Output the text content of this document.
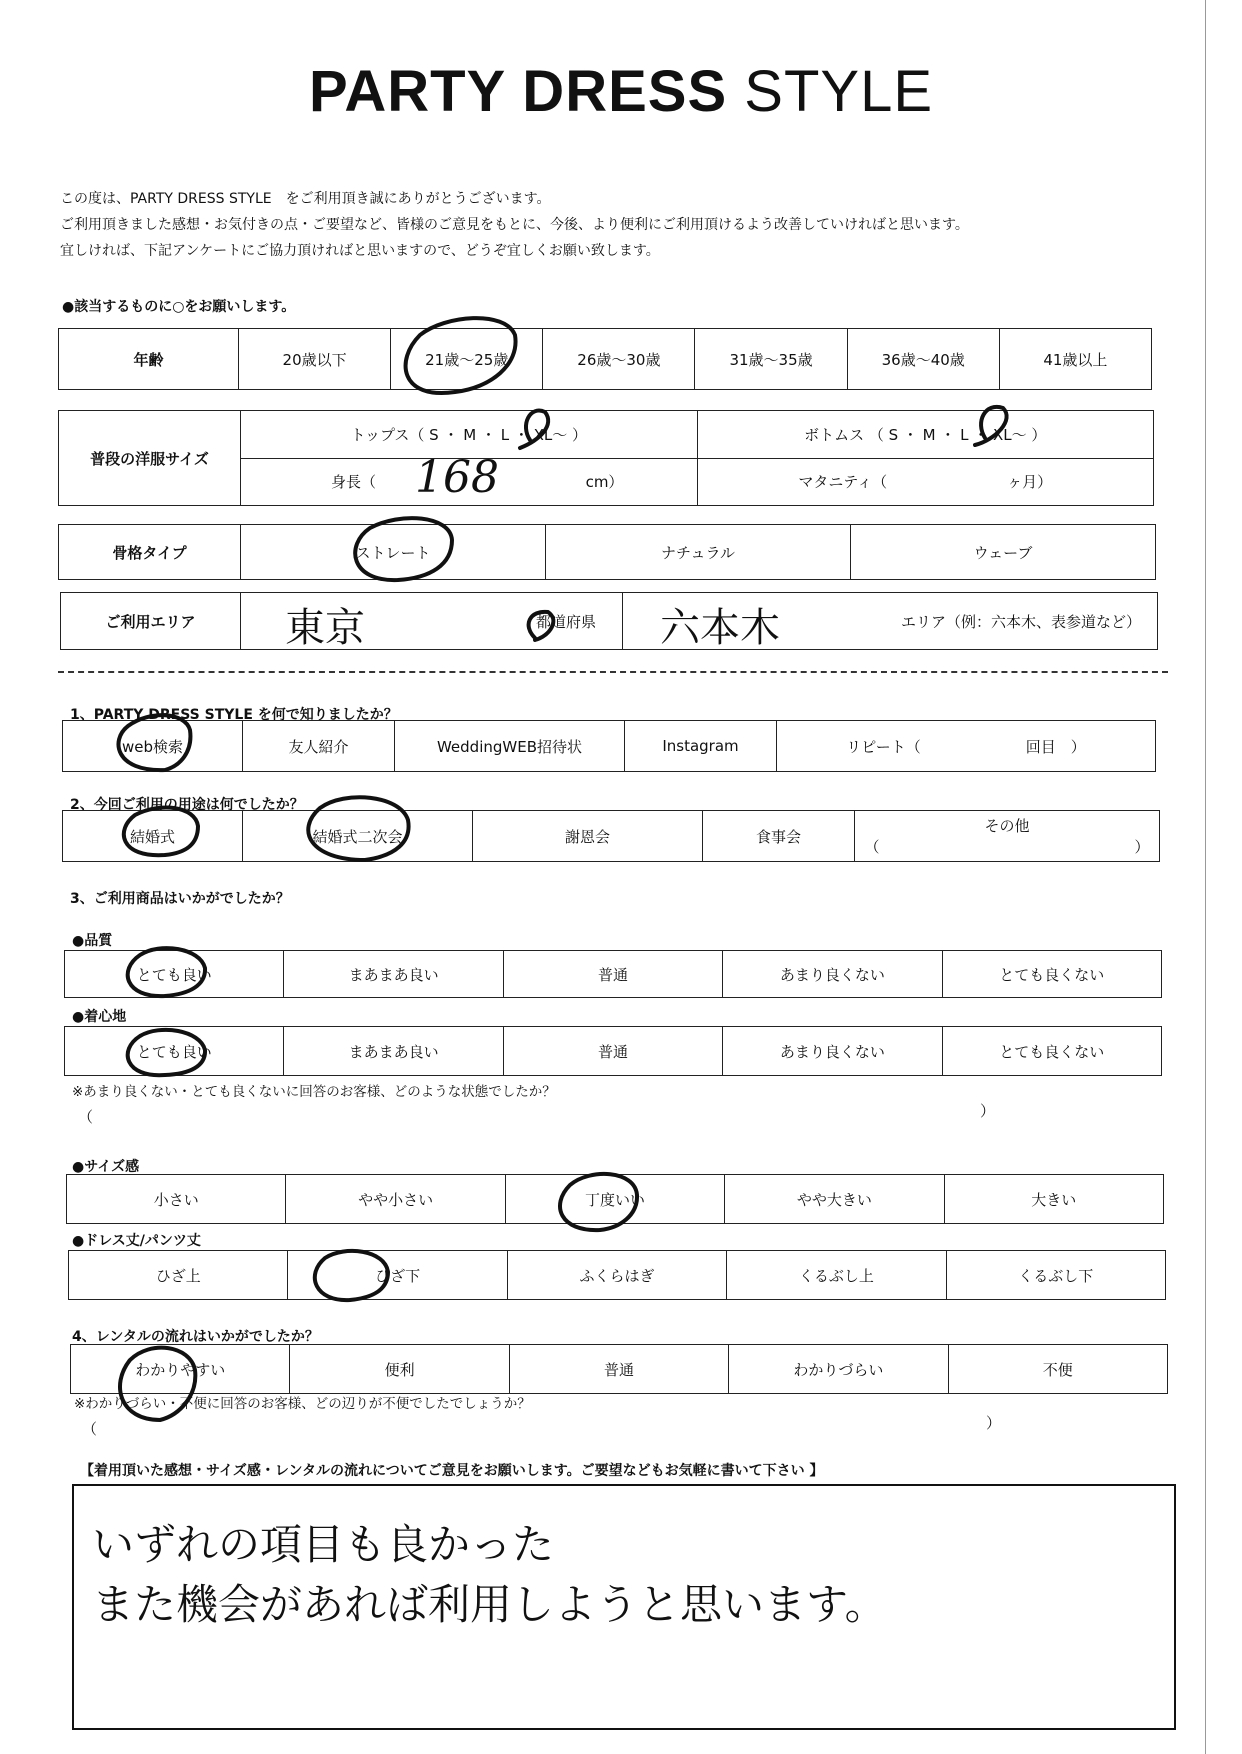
PARTY DRESS STYLE
この度は、PARTY DRESS STYLE　をご利用頂き誠にありがとうございます。
ご利用頂きました感想・お気付きの点・ご要望など、皆様のご意見をもとに、今後、より便利にご利用頂けるよう改善していければと思います。
宜しければ、下記アンケートにご協力頂ければと思いますので、どうぞ宜しくお願い致します。
●該当するものに○をお願いします。
年齢	20歳以下	21歳〜25歳	26歳〜30歳	31歳〜35歳	36歳〜40歳	41歳以上
普段の洋服サイズ	トップス（ S ・ M ・ L ・ XL〜 ）	ボトムス （ S ・ M ・ L ・ XL〜 ）
	身長（ cm）	マタニティ（　　　　　　　　ヶ月）
168
骨格タイプ	ストレート	ナチュラル	ウェーブ
ご利用エリア	都道府県	エリア（例：六本木、表参道など）
東京	六本木
1、PARTY DRESS STYLE を何で知りましたか？
web検索	友人紹介	WeddingWEB招待状	Instagram	リピート（　　　　　　　回目　）
2、今回ご利用の用途は何でしたか？
結婚式	結婚式二次会	謝恩会	食事会	その他（　　　　　　　　　　　　　　　　　）
3、ご利用商品はいかがでしたか？
●品質
とても良い	まあまあ良い	普通	あまり良くない	とても良くない
●着心地
とても良い	まあまあ良い	普通	あまり良くない	とても良くない
※あまり良くない・とても良くないに回答のお客様、どのような状態でしたか？
（	）
●サイズ感
小さい	やや小さい	丁度いい	やや大きい	大きい
●ドレス丈/パンツ丈
ひざ上	ひざ下	ふくらはぎ	くるぶし上	くるぶし下
4、レンタルの流れはいかがでしたか？
わかりやすい	便利	普通	わかりづらい	不便
※わかりづらい・不便に回答のお客様、どの辺りが不便でしたでしょうか？
（	）
【着用頂いた感想・サイズ感・レンタルの流れについてご意見をお願いします。ご要望などもお気軽に書いて下さい 】
いずれの項目も良かった
また機会があれば利用しようと思います。
